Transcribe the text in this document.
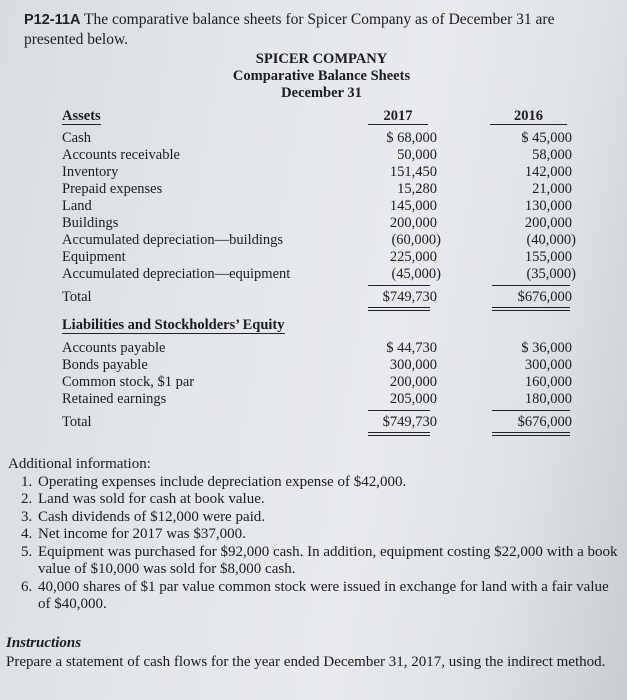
P12-11A The comparative balance sheets for Spicer Company as of December 31 are presented below.
SPICER COMPANY
Comparative Balance Sheets
December 31
Assets	2017	2016
Cash	$ 68,000	$ 45,000
Accounts receivable	50,000	58,000
Inventory	151,450	142,000
Prepaid expenses	15,280	21,000
Land	145,000	130,000
Buildings	200,000	200,000
Accumulated depreciation—buildings	(60,000)	(40,000)
Equipment	225,000	155,000
Accumulated depreciation—equipment	(45,000)	(35,000)
Total	$749,730	$676,000
Liabilities and Stockholders’ Equity
Accounts payable	$ 44,730	$ 36,000
Bonds payable	300,000	300,000
Common stock, $1 par	200,000	160,000
Retained earnings	205,000	180,000
Total	$749,730	$676,000
Additional information:
1. Operating expenses include depreciation expense of $42,000.
2. Land was sold for cash at book value.
3. Cash dividends of $12,000 were paid.
4. Net income for 2017 was $37,000.
5. Equipment was purchased for $92,000 cash. In addition, equipment costing $22,000 with a book value of $10,000 was sold for $8,000 cash.
6. 40,000 shares of $1 par value common stock were issued in exchange for land with a fair value of $40,000.
Instructions
Prepare a statement of cash flows for the year ended December 31, 2017, using the indirect method.
